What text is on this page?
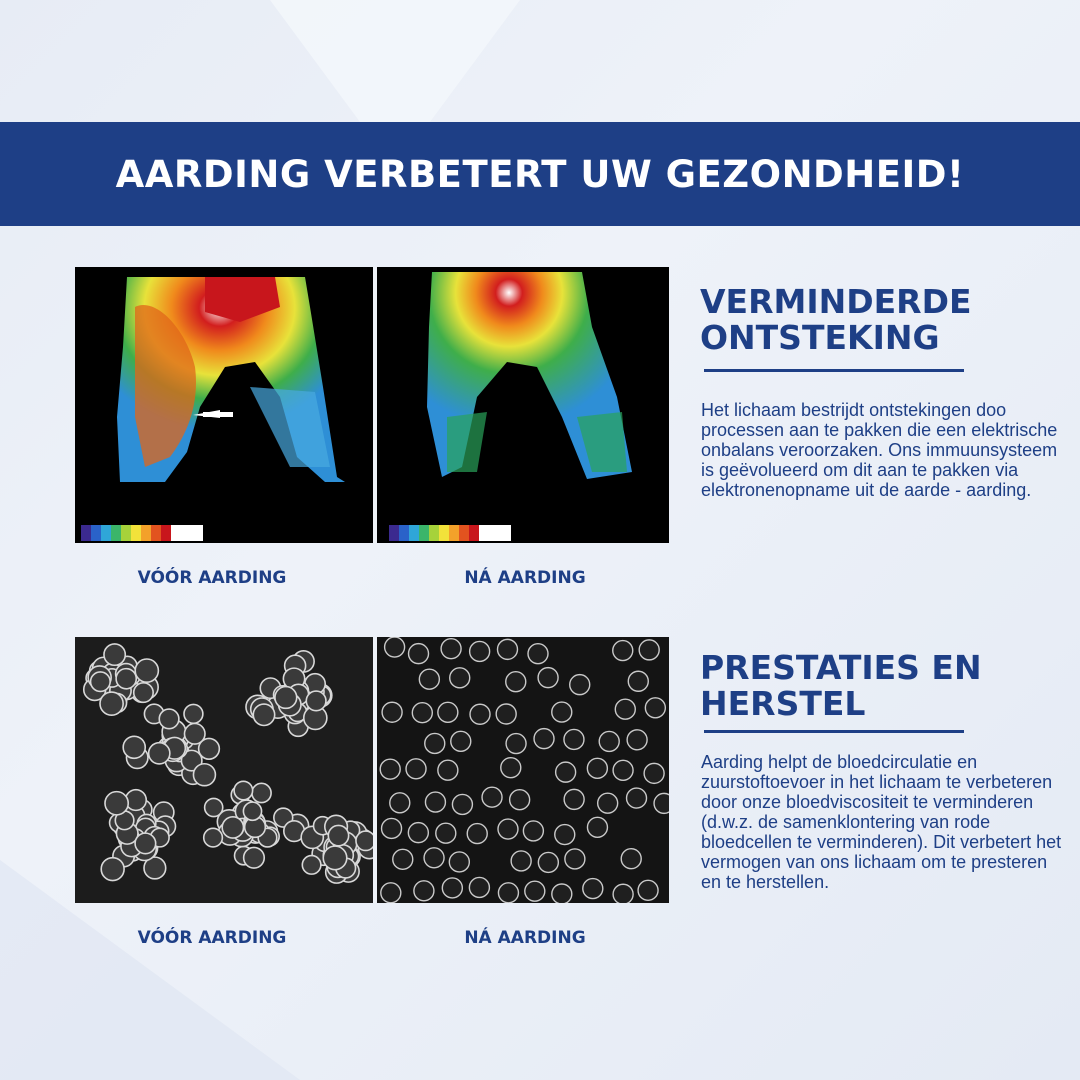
AARDING VERBETERT UW GEZONDHEID!
VÓÓR AARDING	NÁ AARDING
VERMINDERDE
ONTSTEKING

Het lichaam bestrijdt ontstekingen doo processen aan te pakken die een elektrische onbalans veroorzaken. Ons immuunsysteem is geëvolueerd om dit aan te pakken via elektronenopname uit de aarde - aarding.

VÓÓR AARDING	NÁ AARDING
PRESTATIES EN
HERSTEL

Aarding helpt de bloedcirculatie en zuurstoftoevoer in het lichaam te verbeteren door onze bloedviscositeit te verminderen (d.w.z. de samenklontering van rode bloedcellen te verminderen). Dit verbetert het vermogen van ons lichaam om te presteren en te herstellen.
